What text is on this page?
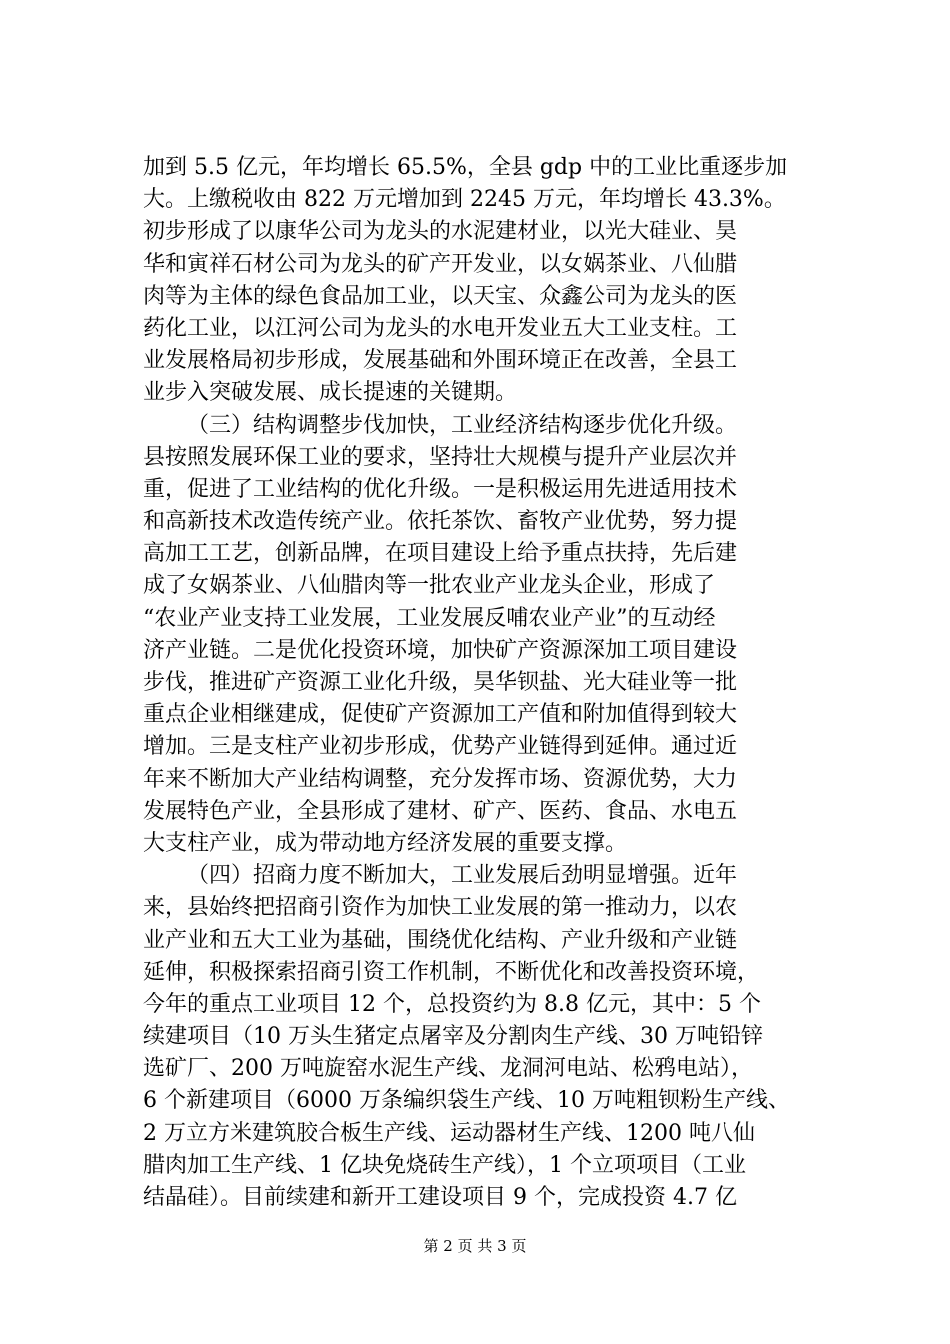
加到 5.5 亿元，年均增长 65.5%，全县 gdp 中的工业比重逐步加
大。上缴税收由 822 万元增加到 2245 万元，年均增长 43.3%。
初步形成了以康华公司为龙头的水泥建材业，以光大硅业、昊
华和寅祥石材公司为龙头的矿产开发业，以女娲茶业、八仙腊
肉等为主体的绿色食品加工业，以天宝、众鑫公司为龙头的医
药化工业，以江河公司为龙头的水电开发业五大工业支柱。工
业发展格局初步形成，发展基础和外围环境正在改善，全县工
业步入突破发展、成长提速的关键期。
（三）结构调整步伐加快，工业经济结构逐步优化升级。
县按照发展环保工业的要求，坚持壮大规模与提升产业层次并
重，促进了工业结构的优化升级。一是积极运用先进适用技术
和高新技术改造传统产业。依托茶饮、畜牧产业优势，努力提
高加工工艺，创新品牌，在项目建设上给予重点扶持，先后建
成了女娲茶业、八仙腊肉等一批农业产业龙头企业，形成了
“农业产业支持工业发展，工业发展反哺农业产业”的互动经
济产业链。二是优化投资环境，加快矿产资源深加工项目建设
步伐，推进矿产资源工业化升级，昊华钡盐、光大硅业等一批
重点企业相继建成，促使矿产资源加工产值和附加值得到较大
增加。三是支柱产业初步形成，优势产业链得到延伸。通过近
年来不断加大产业结构调整，充分发挥市场、资源优势，大力
发展特色产业，全县形成了建材、矿产、医药、食品、水电五
大支柱产业，成为带动地方经济发展的重要支撑。
（四）招商力度不断加大，工业发展后劲明显增强。近年
来，县始终把招商引资作为加快工业发展的第一推动力，以农
业产业和五大工业为基础，围绕优化结构、产业升级和产业链
延伸，积极探索招商引资工作机制，不断优化和改善投资环境，
今年的重点工业项目 12 个，总投资约为 8.8 亿元，其中：5 个
续建项目（10 万头生猪定点屠宰及分割肉生产线、30 万吨铅锌
选矿厂、200 万吨旋窑水泥生产线、龙洞河电站、松鸦电站），
6 个新建项目（6000 万条编织袋生产线、10 万吨粗钡粉生产线、
2 万立方米建筑胶合板生产线、运动器材生产线、1200 吨八仙
腊肉加工生产线、1 亿块免烧砖生产线），1 个立项项目（工业
结晶硅）。目前续建和新开工建设项目 9 个，完成投资 4.7 亿
第 2 页 共 3 页
